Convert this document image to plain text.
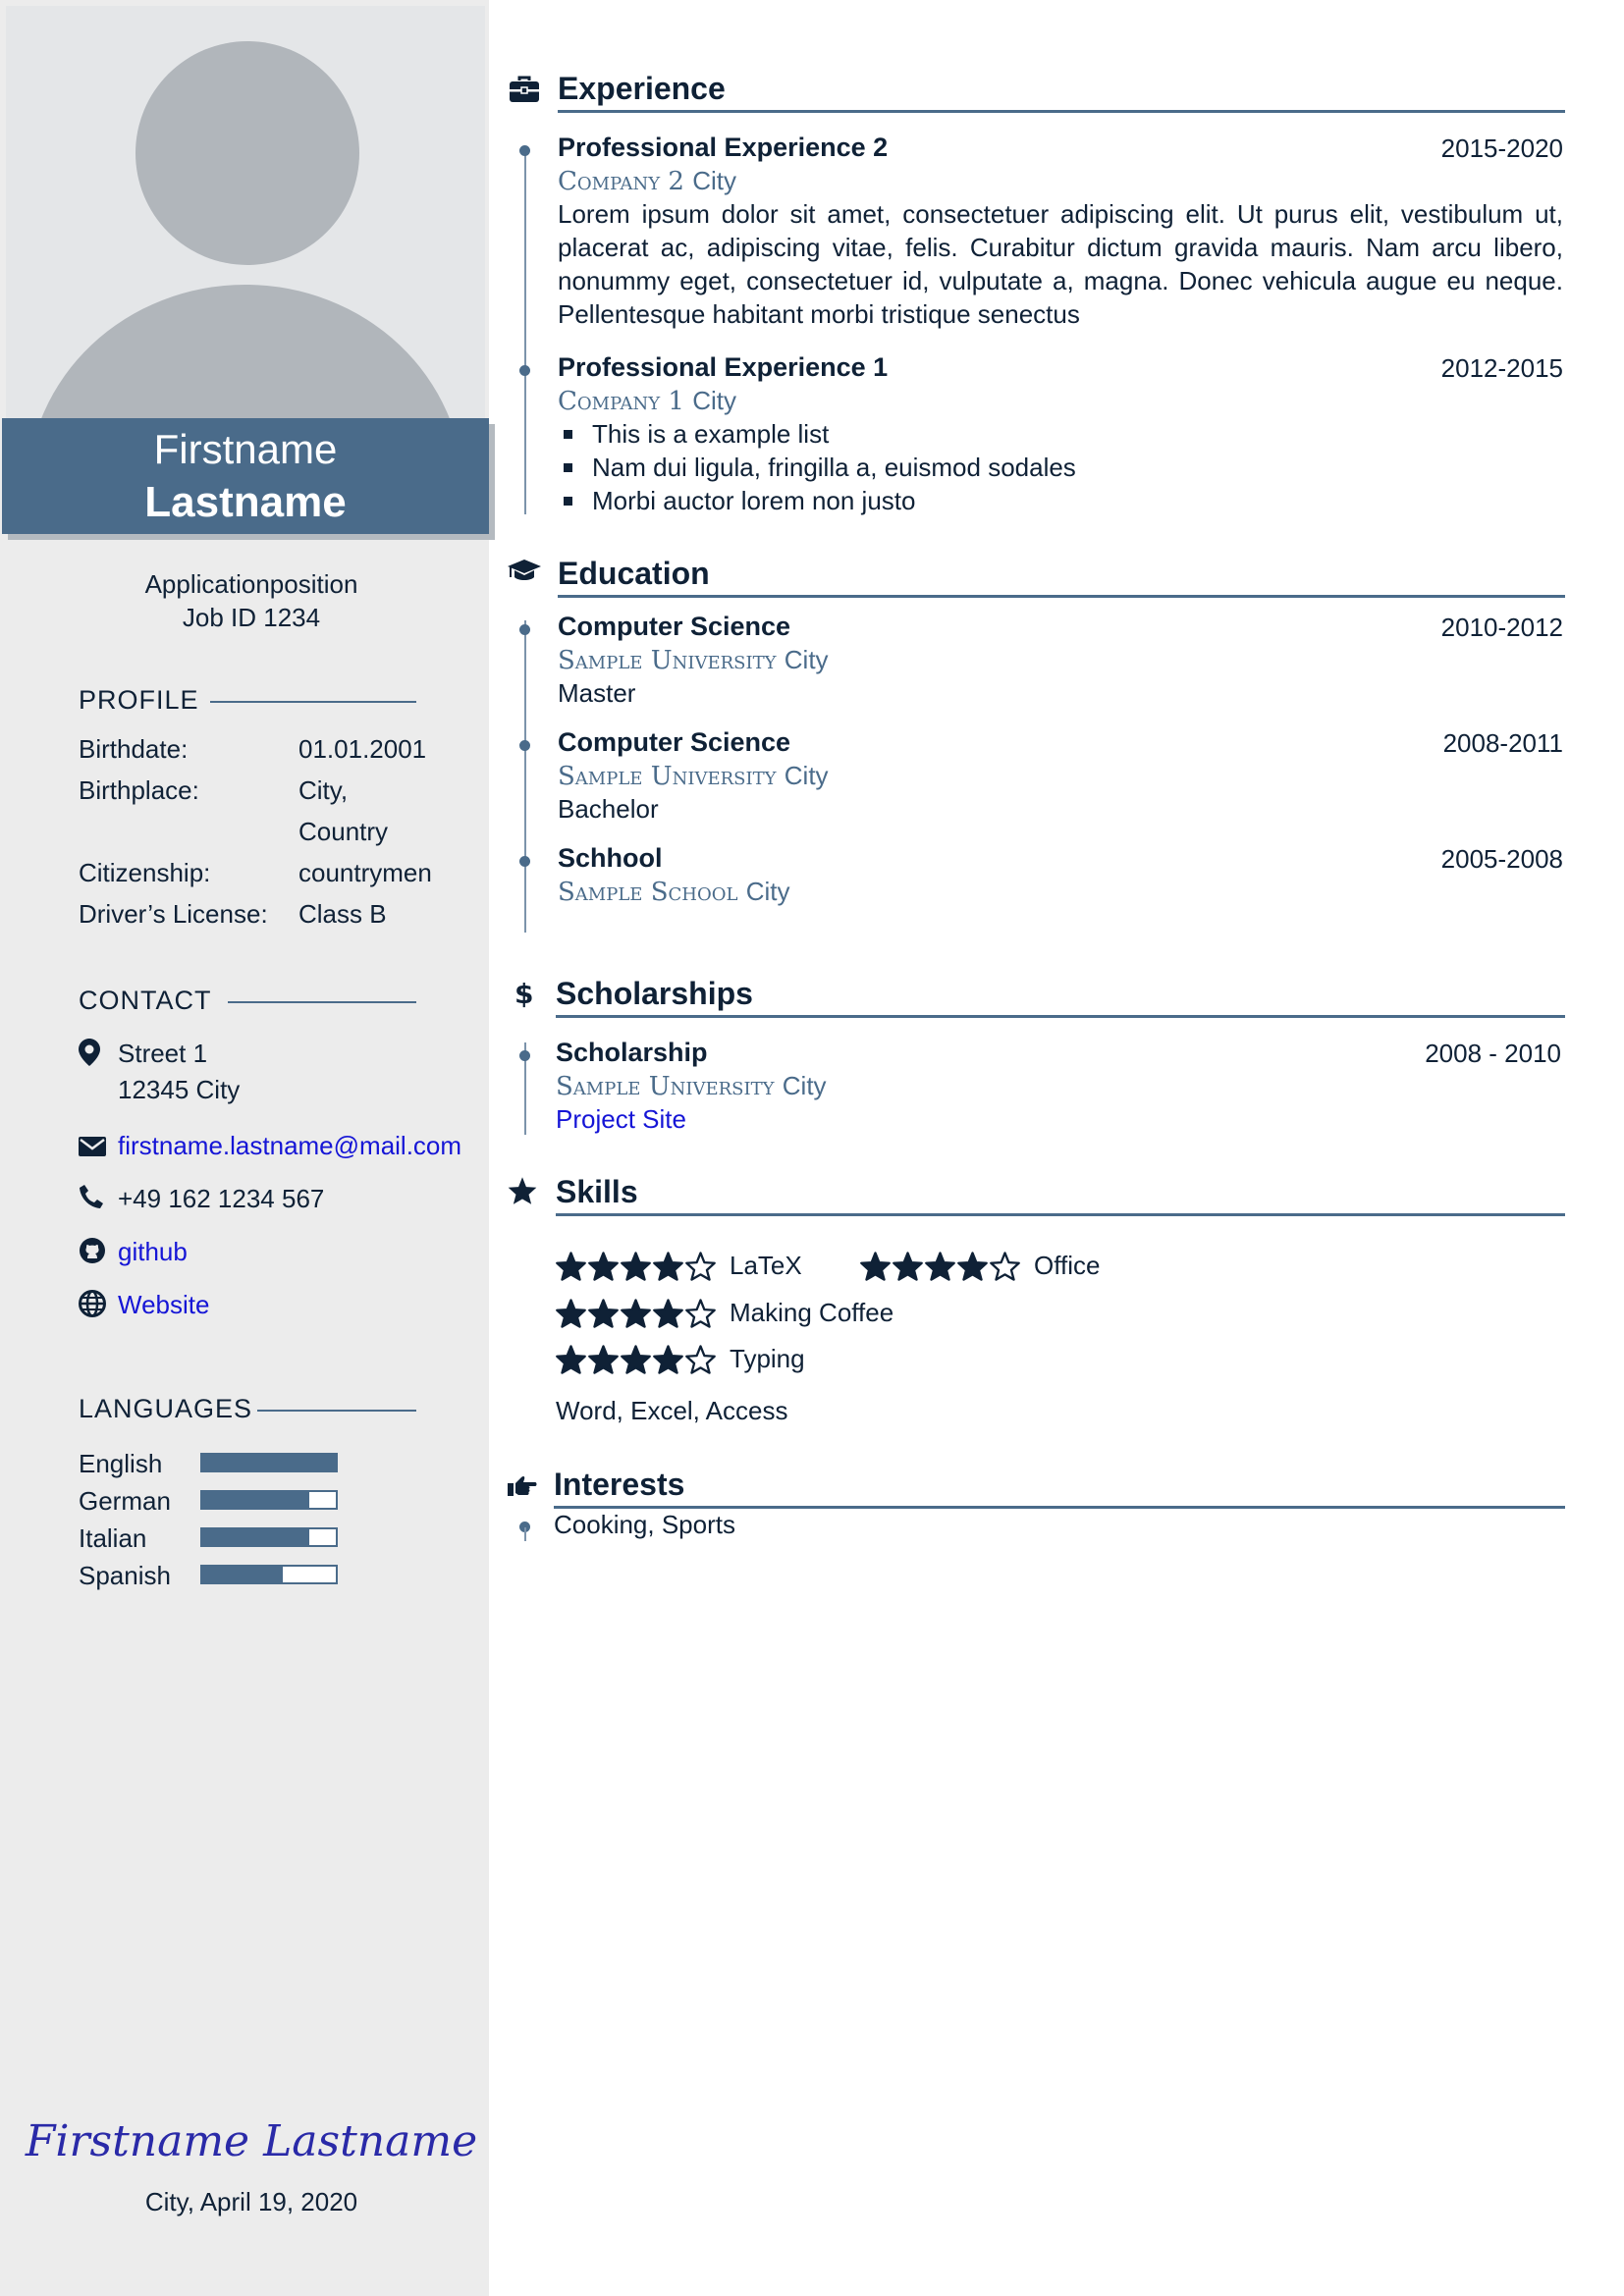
Firstname
Lastname
Applicationposition
Job ID 1234
PROFILE
Birthdate:	01.01.2001
Birthplace:	City,
Country
Citizenship:	countrymen
Driver’s License: Class B
CONTACT
Street 1
12345 City
firstname.lastname@mail.com
+49 162 1234 567
github
Website
LANGUAGES
English
German
Italian
Spanish
Firstname Lastname
City, April 19, 2020
Experience
Professional Experience 2	2015-2020
Company 2 City
Lorem ipsum dolor sit amet, consectetuer adipiscing elit. Ut purus elit, vestibulum ut, placerat ac, adipiscing vitae, felis. Curabitur dictum gravida mauris. Nam arcu libero, nonummy eget, consectetuer id, vulputate a, magna. Donec vehicula augue eu neque. Pellentesque habitant morbi tristique senectus
Professional Experience 1	2012-2015
Company 1 City
This is a example list
Nam dui ligula, fringilla a, euismod sodales
Morbi auctor lorem non justo
Education
Computer Science	2010-2012
Sample University City
Master
Computer Science	2008-2011
Sample University City
Bachelor
Schhool	2005-2008
Sample School City
$ Scholarships
Scholarship	2008 - 2010
Sample University City
Project Site
Skills
LaTeX	Office
Making Coffee
Typing
Word, Excel, Access
Interests
Cooking, Sports
